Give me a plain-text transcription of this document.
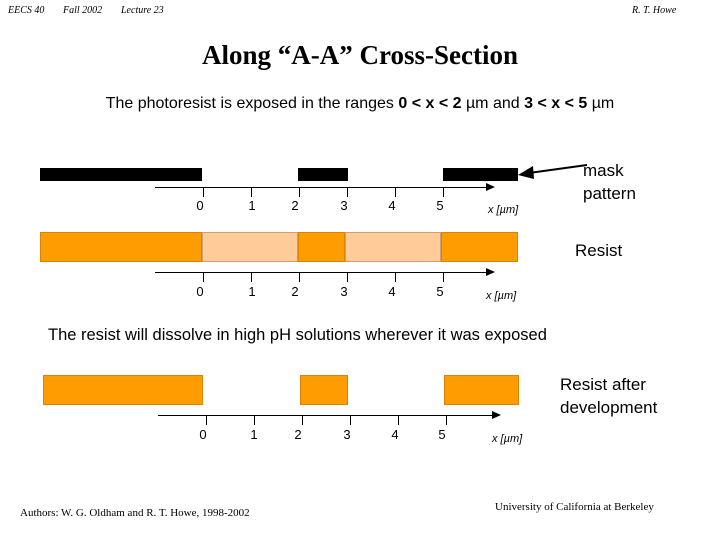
EECS 40 Fall 2002 Lecture 23	R. T. Howe
Along “A-A” Cross-Section
The photoresist is exposed in the ranges 0 < x < 2 µm and 3 < x < 5 µm
mask pattern
0	1	2	3	4	5	x [µm]
Resist
0	1	2	3	4	5	x [µm]
The resist will dissolve in high pH solutions wherever it was exposed
Resist after development
0	1	2	3	4	5	x [µm]
Authors: W. G. Oldham and R. T. Howe, 1998-2002	University of California at Berkeley
